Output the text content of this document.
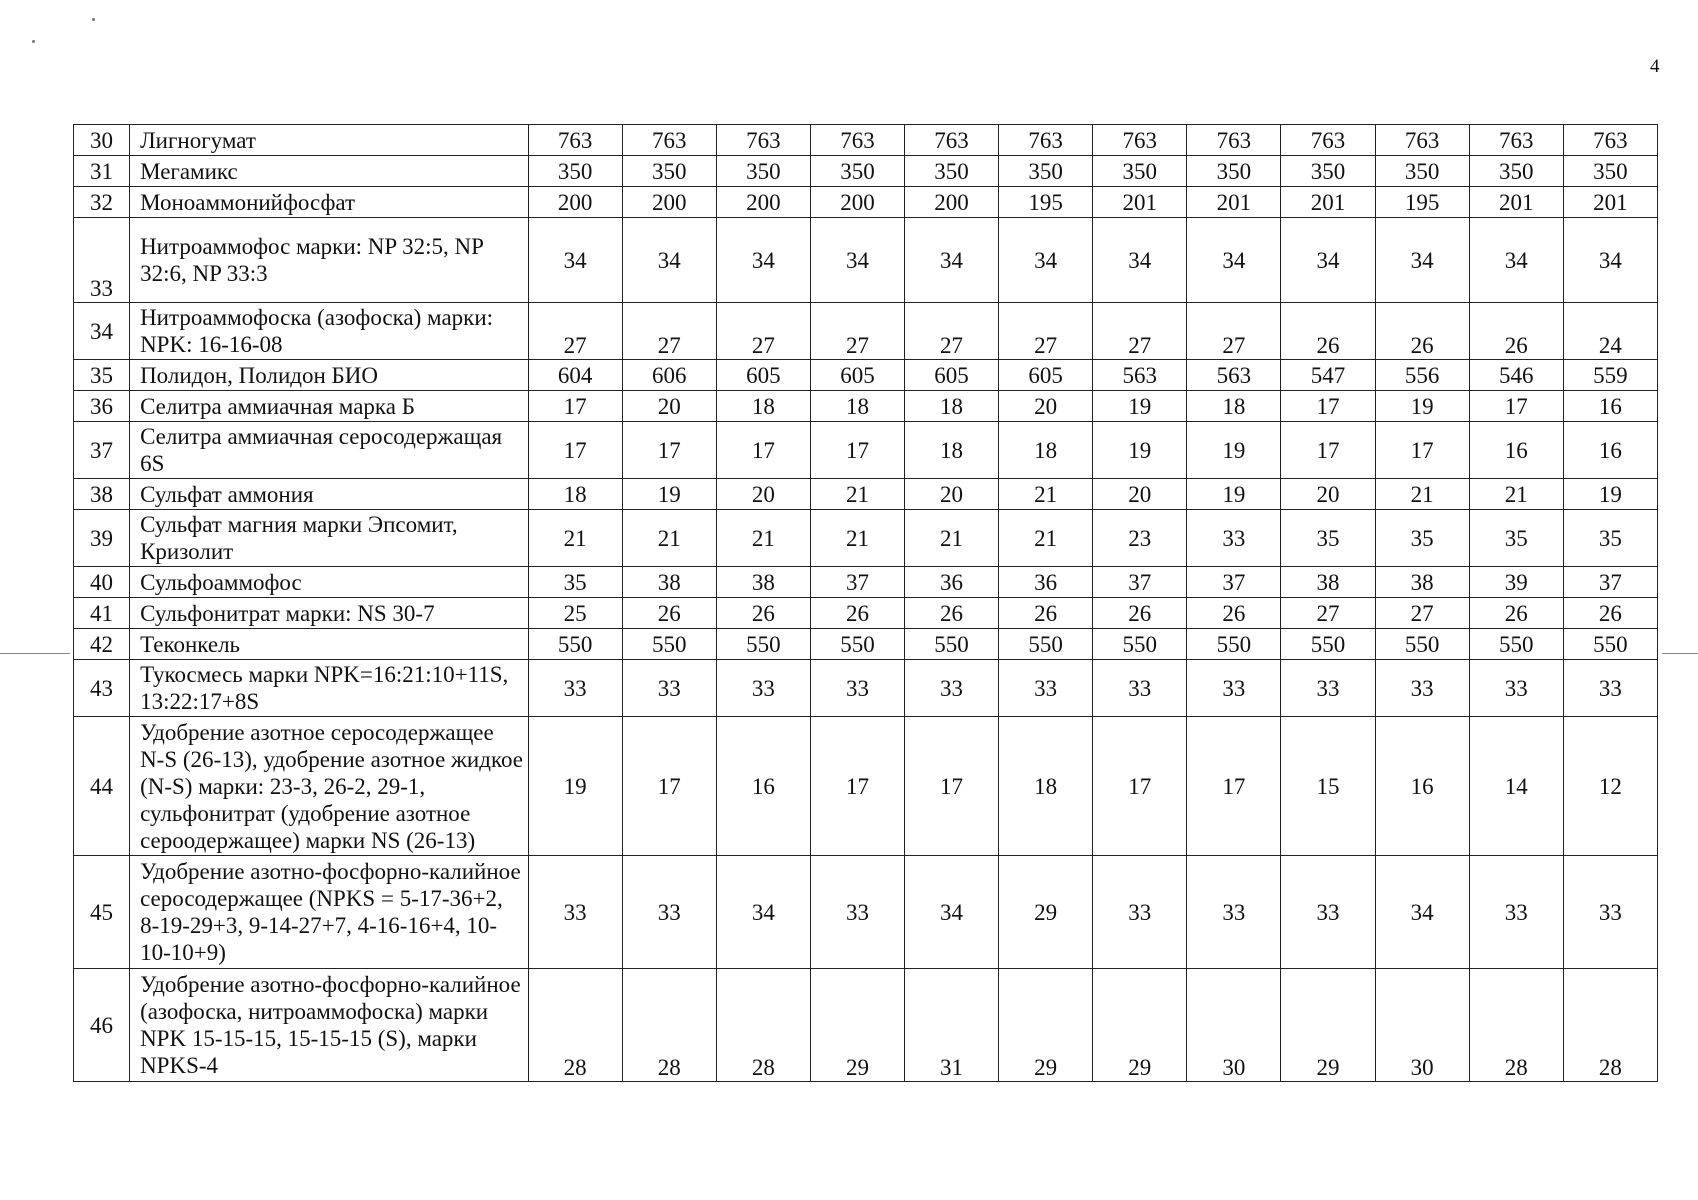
4
30	Лигногумат	763	763	763	763	763	763	763	763	763	763	763	763
31	Мегамикс	350	350	350	350	350	350	350	350	350	350	350	350
32	Моноаммонийфосфат	200	200	200	200	200	195	201	201	201	195	201	201
33	Нитроаммофос марки: NP 32:5, NP 32:6, NP 33:3	34	34	34	34	34	34	34	34	34	34	34	34
34	Нитроаммофоска (азофоска) марки: NPK: 16-16-08	27	27	27	27	27	27	27	27	26	26	26	24
35	Полидон, Полидон БИО	604	606	605	605	605	605	563	563	547	556	546	559
36	Селитра аммиачная марка Б	17	20	18	18	18	20	19	18	17	19	17	16
37	Селитра аммиачная серосодержащая 6S	17	17	17	17	18	18	19	19	17	17	16	16
38	Сульфат аммония	18	19	20	21	20	21	20	19	20	21	21	19
39	Сульфат магния марки Эпсомит, Кризолит	21	21	21	21	21	21	23	33	35	35	35	35
40	Сульфоаммофос	35	38	38	37	36	36	37	37	38	38	39	37
41	Сульфонитрат марки: NS 30-7	25	26	26	26	26	26	26	26	27	27	26	26
42	Теконкель	550	550	550	550	550	550	550	550	550	550	550	550
43	Тукосмесь марки NPK=16:21:10+11S, 13:22:17+8S	33	33	33	33	33	33	33	33	33	33	33	33
44	Удобрение азотное серосодержащее N-S (26-13), удобрение азотное жидкое (N-S) марки: 23-3, 26-2, 29-1, сульфонитрат (удобрение азотное сероодержащее) марки NS (26-13)	19	17	16	17	17	18	17	17	15	16	14	12
45	Удобрение азотно-фосфорно-калийное серосодержащее (NPKS = 5-17-36+2, 8-19-29+3, 9-14-27+7, 4-16-16+4, 10-10-10+9)	33	33	34	33	34	29	33	33	33	34	33	33
46	Удобрение азотно-фосфорно-калийное (азофоска, нитроаммофоска) марки NPK 15-15-15, 15-15-15 (S), марки NPKS-4	28	28	28	29	31	29	29	30	29	30	28	28
